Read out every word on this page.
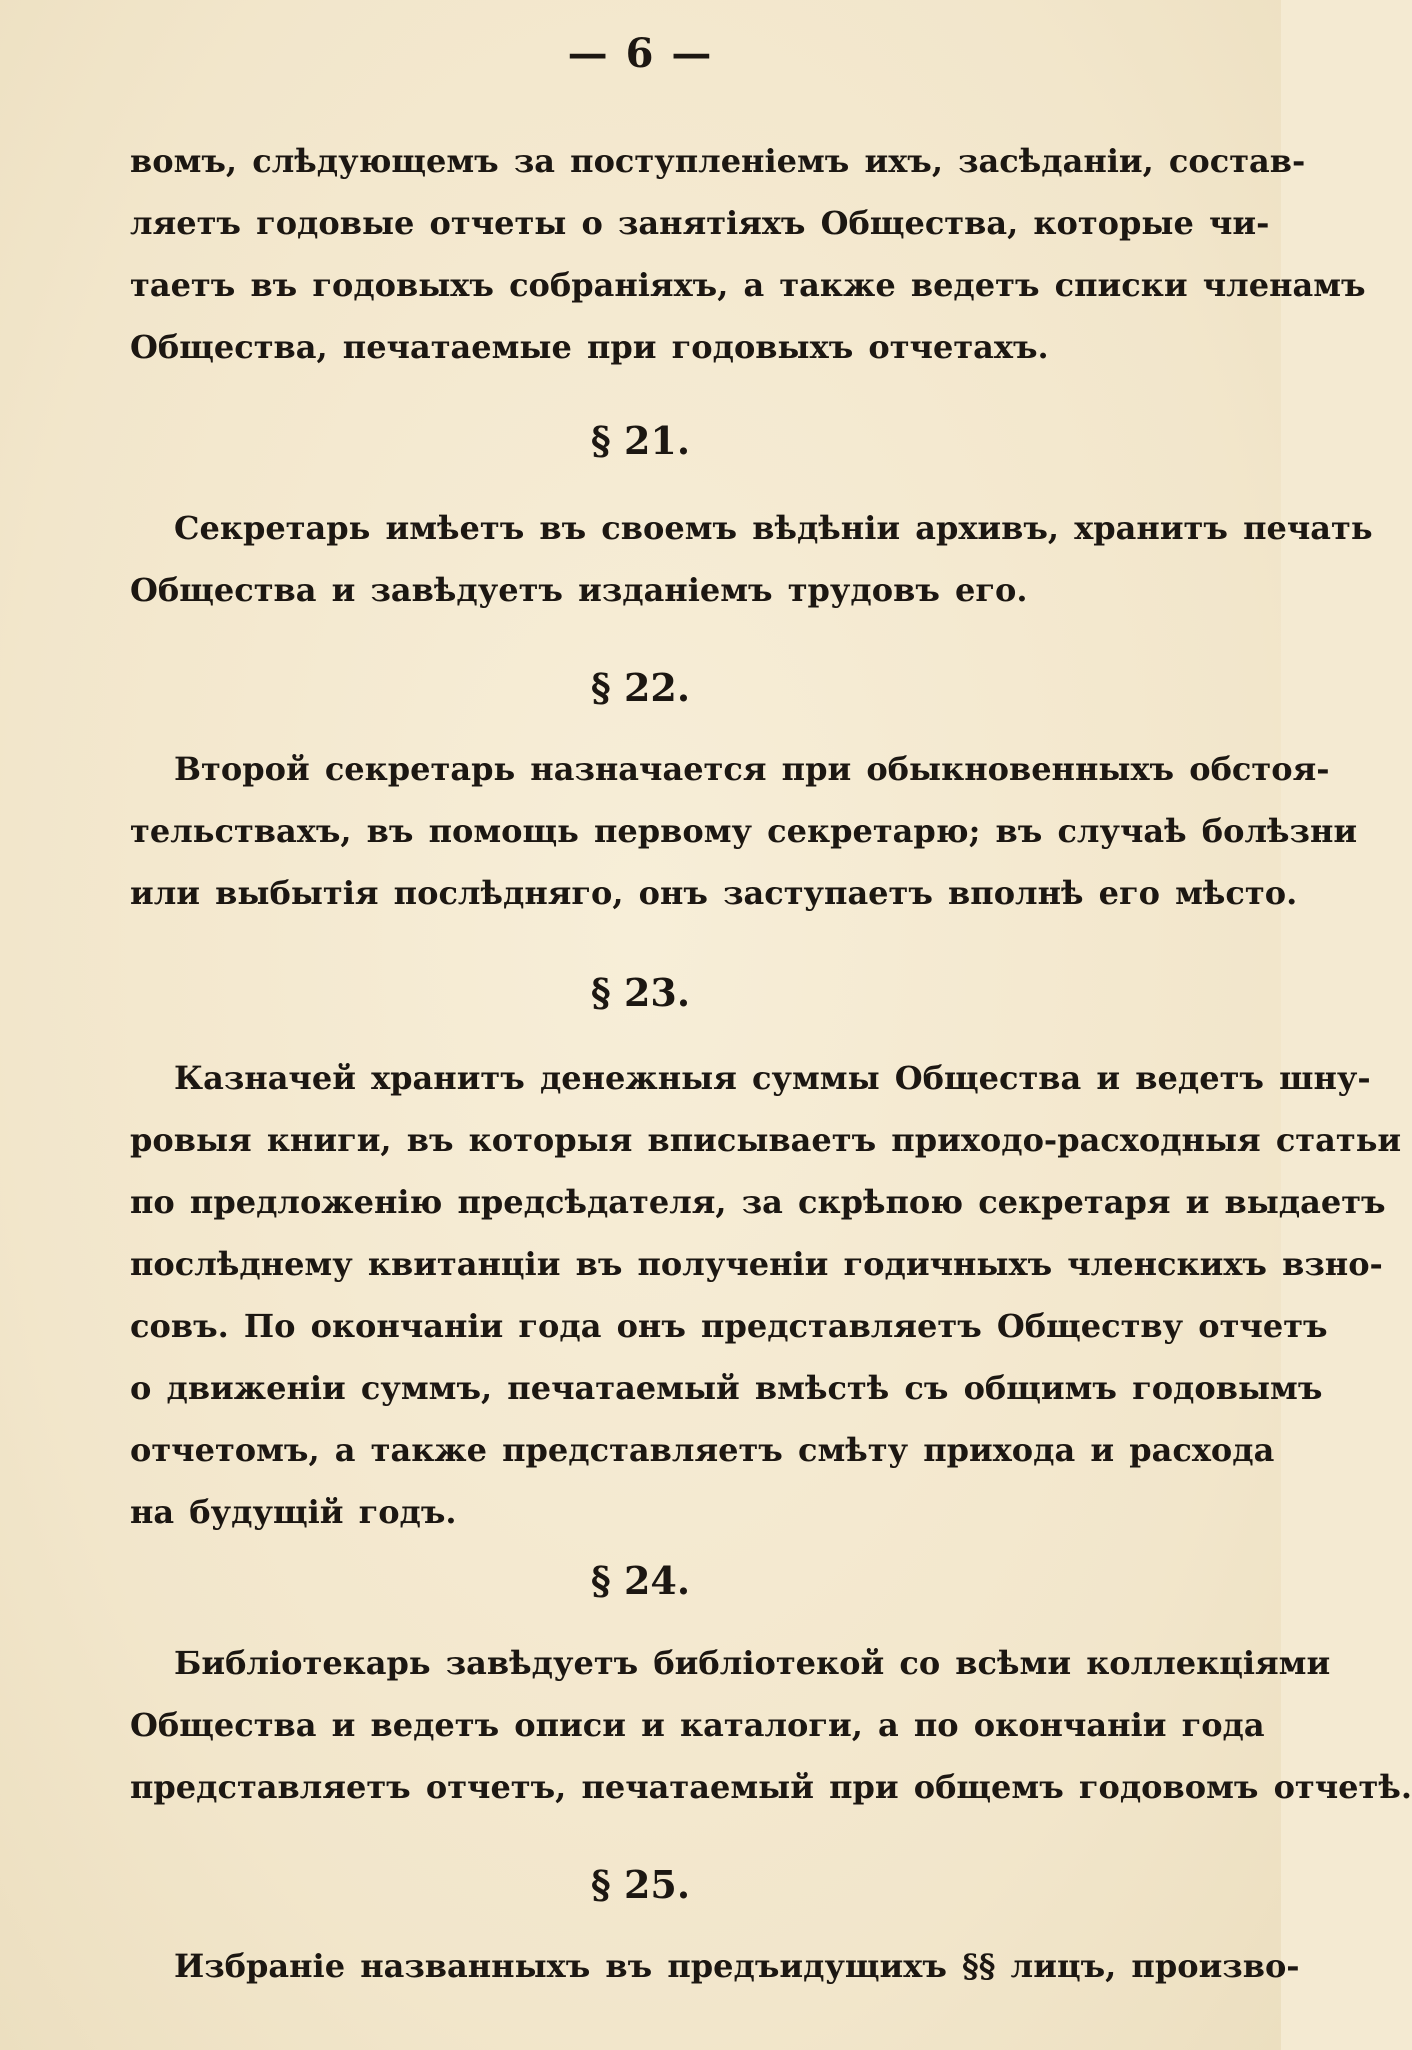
— 6 —
вомъ, слѣдующемъ за поступленіемъ ихъ, засѣданіи, состав-
ляетъ годовые отчеты о занятіяхъ Общества, которые чи-
таетъ въ годовыхъ собраніяхъ, а также ведетъ списки членамъ
Общества, печатаемые при годовыхъ отчетахъ.
§ 21.
Секретарь имѣетъ въ своемъ вѣдѣніи архивъ, хранитъ печать
Общества и завѣдуетъ изданіемъ трудовъ его.
§ 22.
Второй секретарь назначается при обыкновенныхъ обстоя-
тельствахъ, въ помощь первому секретарю; въ случаѣ болѣзни
или выбытія послѣдняго, онъ заступаетъ вполнѣ его мѣсто.
§ 23.
Казначей хранитъ денежныя суммы Общества и ведетъ шну-
ровыя книги, въ которыя вписываетъ приходо-расходныя статьи
по предложенію предсѣдателя, за скрѣпою секретаря и выдаетъ
послѣднему квитанціи въ полученіи годичныхъ членскихъ взно-
совъ. По окончаніи года онъ представляетъ Обществу отчетъ
о движеніи суммъ, печатаемый вмѣстѣ съ общимъ годовымъ
отчетомъ, а также представляетъ смѣту прихода и расхода
на будущій годъ.
§ 24.
Библіотекарь завѣдуетъ библіотекой со всѣми коллекціями
Общества и ведетъ описи и каталоги, а по окончаніи года
представляетъ отчетъ, печатаемый при общемъ годовомъ отчетѣ.
§ 25.
Избраніе названныхъ въ предъидущихъ §§ лицъ, произво-
